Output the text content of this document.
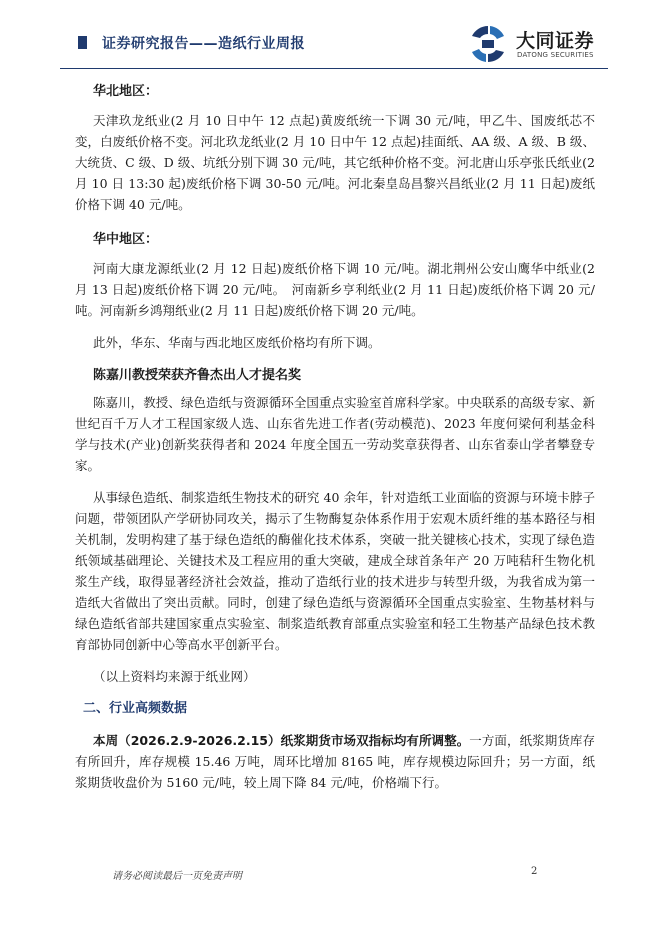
证券研究报告——造纸行业周报	大同证券
DATONG SECURITIES
华北地区：

天津玖龙纸业(2 月 10 日中午 12 点起)黄废纸统一下调 30 元/吨，甲乙牛、国废纸芯不变，白废纸价格不变。河北玖龙纸业(2 月 10 日中午 12 点起)挂面纸、AA 级、A 级、B 级、大统货、C 级、D 级、坑纸分别下调 30 元/吨，其它纸种价格不变。河北唐山乐亭张氏纸业(2 月 10 日 13:30 起)废纸价格下调 30-50 元/吨。河北秦皇岛昌黎兴昌纸业(2 月 11 日起)废纸价格下调 40 元/吨。

华中地区：

河南大康龙源纸业(2 月 12 日起)废纸价格下调 10 元/吨。湖北荆州公安山鹰华中纸业(2 月 13 日起)废纸价格下调 20 元/吨。　河南新乡亨利纸业(2 月 11 日起)废纸价格下调 20 元/吨。河南新乡鸿翔纸业(2 月 11 日起)废纸价格下调 20 元/吨。

此外，华东、华南与西北地区废纸价格均有所下调。

陈嘉川教授荣获齐鲁杰出人才提名奖

陈嘉川，教授、绿色造纸与资源循环全国重点实验室首席科学家。中央联系的高级专家、新世纪百千万人才工程国家级人选、山东省先进工作者(劳动模范)、2023 年度何梁何利基金科学与技术(产业)创新奖获得者和 2024 年度全国五一劳动奖章获得者、山东省泰山学者攀登专家。

从事绿色造纸、制浆造纸生物技术的研究 40 余年，针对造纸工业面临的资源与环境卡脖子问题，带领团队产学研协同攻关，揭示了生物酶复杂体系作用于宏观木质纤维的基本路径与相关机制，发明构建了基于绿色造纸的酶催化技术体系，突破一批关键核心技术，实现了绿色造纸领域基础理论、关键技术及工程应用的重大突破，建成全球首条年产 20 万吨秸秆生物化机浆生产线，取得显著经济社会效益，推动了造纸行业的技术进步与转型升级，为我省成为第一造纸大省做出了突出贡献。同时，创建了绿色造纸与资源循环全国重点实验室、生物基材料与绿色造纸省部共建国家重点实验室、制浆造纸教育部重点实验室和轻工生物基产品绿色技术教育部协同创新中心等高水平创新平台。

（以上资料均来源于纸业网）

二、行业高频数据

本周（2026.2.9-2026.2.15）纸浆期货市场双指标均有所调整。一方面，纸浆期货库存有所回升，库存规模 15.46 万吨，周环比增加 8165 吨，库存规模边际回升；另一方面，纸浆期货收盘价为 5160 元/吨，较上周下降 84 元/吨，价格端下行。

请务必阅读最后一页免责声明	2
